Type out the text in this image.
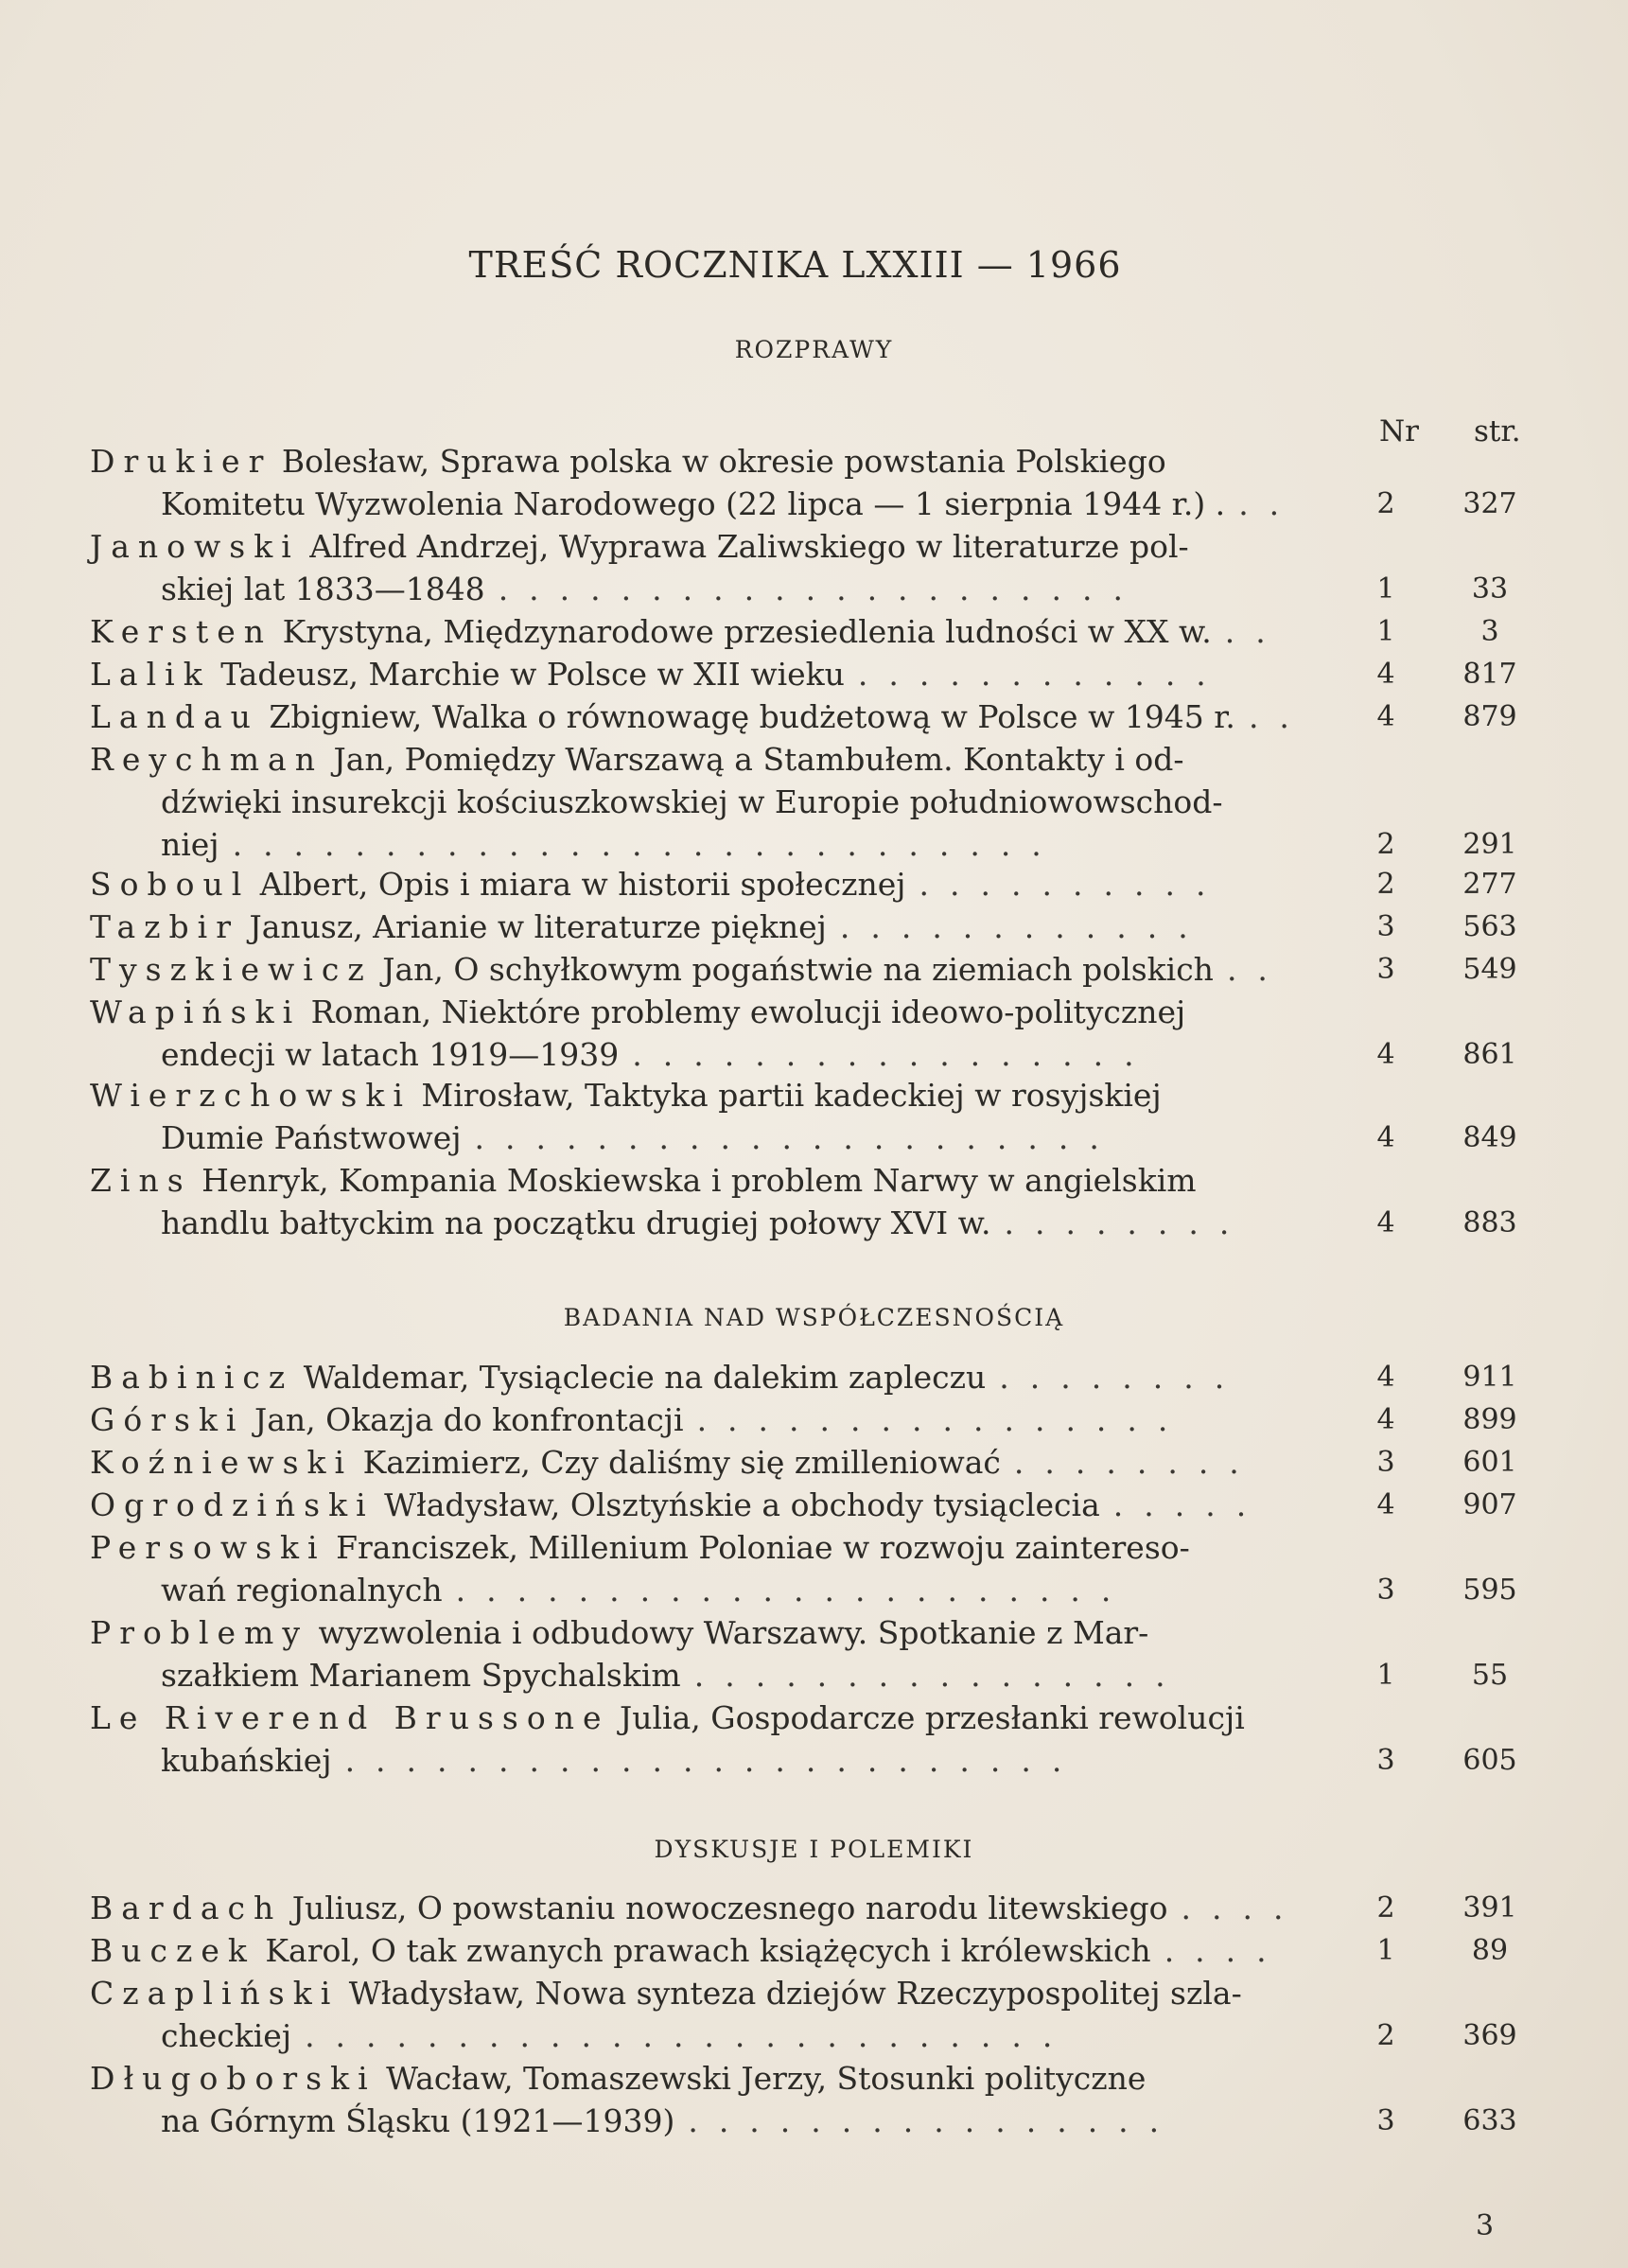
TREŚĆ ROCZNIKA LXXIII — 1966
Nr str.
ROZPRAWY
BADANIA NAD WSPÓŁCZESNOŚCIĄ
DYSKUSJE I POLEMIKI
Drukier Bolesław, Sprawa polska w okresie powstania Polskiego
Komitetu Wyzwolenia Narodowego (22 lipca — 1 sierpnia 1944 r.) . ..	2	327
Janowski Alfred Andrzej, Wyprawa Zaliwskiego w literaturze pol-
skiej lat 1833—1848 .....................	1	33
Kersten Krystyna, Międzynarodowe przesiedlenia ludności w XX w. ..	1	3
Lalik Tadeusz, Marchie w Polsce w XII wieku ............	4	817
Landau Zbigniew, Walka o równowagę budżetową w Polsce w 1945 r. ..	4	879
Reychman Jan, Pomiędzy Warszawą a Stambułem. Kontakty i od-
dźwięki insurekcji kościuszkowskiej w Europie południowowschod-
niej ...........................	2	291
Soboul Albert, Opis i miara w historii społecznej ..........	2	277
Tazbir Janusz, Arianie w literaturze pięknej ............	3	563
Tyszkiewicz Jan, O schyłkowym pogaństwie na ziemiach polskich ..	3	549
Wapiński Roman, Niektóre problemy ewolucji ideowo-politycznej
endecji w latach 1919—1939 .................	4	861
Wierzchowski Mirosław, Taktyka partii kadeckiej w rosyjskiej
Dumie Państwowej .....................	4	849
Zins Henryk, Kompania Moskiewska i problem Narwy w angielskim
handlu bałtyckim na początku drugiej połowy XVI w. ........	4	883
Babinicz Waldemar, Tysiąclecie na dalekim zapleczu ........	4	911
Górski Jan, Okazja do konfrontacji ................	4	899
Koźniewski Kazimierz, Czy daliśmy się zmilleniować ........	3	601
Ogrodziński Władysław, Olsztyńskie a obchody tysiąclecia .....	4	907
Persowski Franciszek, Millenium Poloniae w rozwoju zaintereso-
wań regionalnych ......................	3	595
Problemy wyzwolenia i odbudowy Warszawy. Spotkanie z Mar-
szałkiem Marianem Spychalskim ................	1	55
Le Riverend Brussone Julia, Gospodarcze przesłanki rewolucji
kubańskiej ........................	3	605
Bardach Juliusz, O powstaniu nowoczesnego narodu litewskiego ....	2	391
Buczek Karol, O tak zwanych prawach książęcych i królewskich ....	1	89
Czapliński Władysław, Nowa synteza dziejów Rzeczypospolitej szla-
checkiej .........................	2	369
Długoborski Wacław, Tomaszewski Jerzy, Stosunki polityczne
na Górnym Śląsku (1921—1939) ................	3	633
3
